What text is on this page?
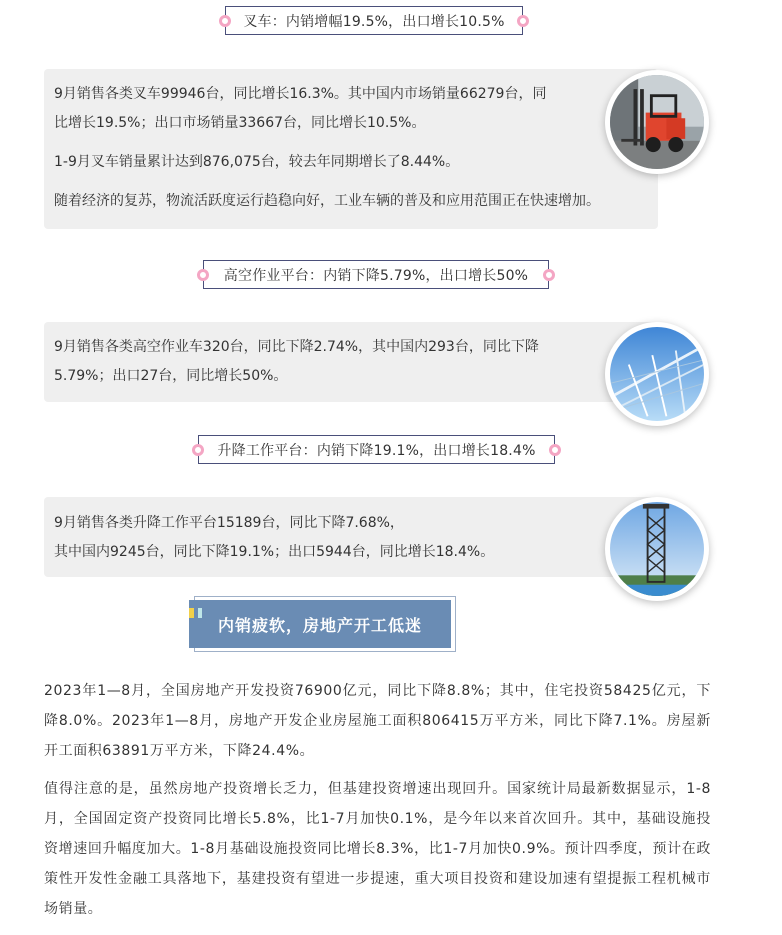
叉车：内销增幅19.5%，出口增长10.5%

9月销售各类叉车99946台，同比增长16.3%。其中国内市场销量66279台，同比增长19.5%；出口市场销量33667台，同比增长10.5%。

1-9月叉车销量累计达到876,075台，较去年同期增长了8.44%。

随着经济的复苏，物流活跃度运行趋稳向好，工业车辆的普及和应用范围正在快速增加。

高空作业平台：内销下降5.79%，出口增长50%

9月销售各类高空作业车320台，同比下降2.74%，其中国内293台，同比下降5.79%；出口27台，同比增长50%。

升降工作平台：内销下降19.1%，出口增长18.4%

9月销售各类升降工作平台15189台，同比下降7.68%，

其中国内9245台，同比下降19.1%；出口5944台，同比增长18.4%。

内销疲软，房地产开工低迷

2023年1—8月，全国房地产开发投资76900亿元，同比下降8.8%；其中，住宅投资58425亿元，下降8.0%。2023年1—8月，房地产开发企业房屋施工面积806415万平方米，同比下降7.1%。房屋新开工面积63891万平方米，下降24.4%。

值得注意的是，虽然房地产投资增长乏力，但基建投资增速出现回升。国家统计局最新数据显示，1-8月，全国固定资产投资同比增长5.8%，比1-7月加快0.1%，是今年以来首次回升。其中，基础设施投资增速回升幅度加大。1-8月基础设施投资同比增长8.3%，比1-7月加快0.9%。预计四季度，预计在政策性开发性金融工具落地下，基建投资有望进一步提速，重大项目投资和建设加速有望提振工程机械市场销量。
